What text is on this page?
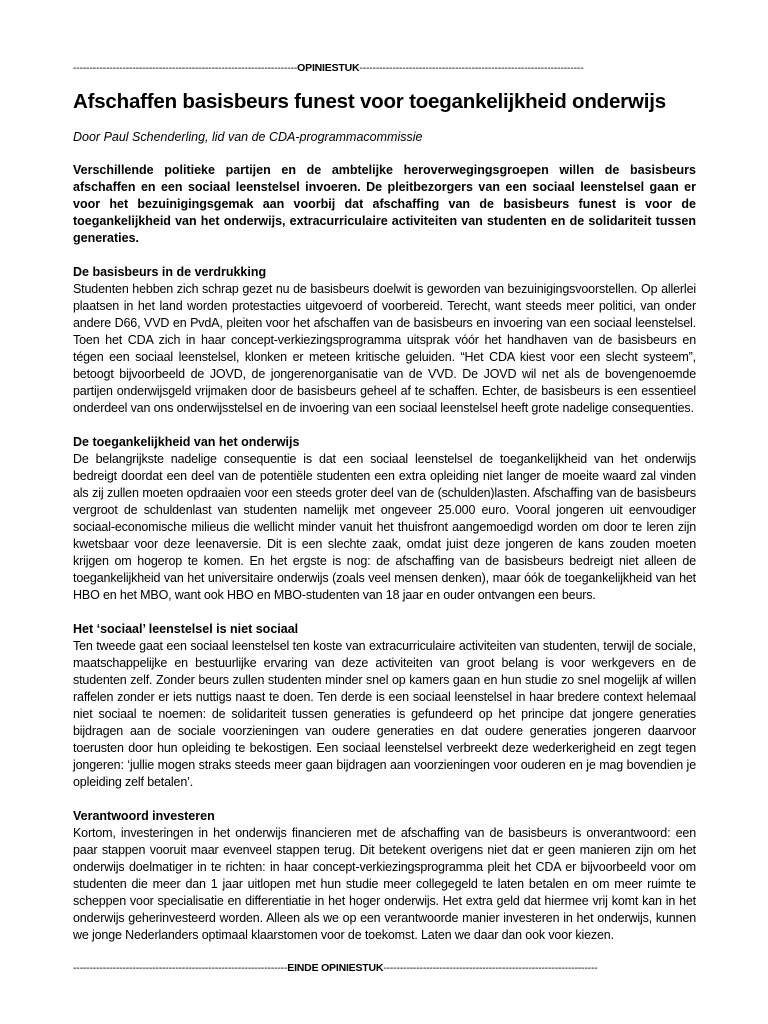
--------------------------------------------------------------------OPINIESTUK--------------------------------------------------------------------
Afschaffen basisbeurs funest voor toegankelijkheid onderwijs
Door Paul Schenderling, lid van de CDA-programmacommissie
Verschillende politieke partijen en de ambtelijke heroverwegingsgroepen willen de basisbeurs afschaffen en een sociaal leenstelsel invoeren. De pleitbezorgers van een sociaal leenstelsel gaan er voor het bezuinigingsgemak aan voorbij dat afschaffing van de basisbeurs funest is voor de toegankelijkheid van het onderwijs, extracurriculaire activiteiten van studenten en de solidariteit tussen generaties.
De basisbeurs in de verdrukking

Studenten hebben zich schrap gezet nu de basisbeurs doelwit is geworden van bezuinigingsvoorstellen. Op allerlei plaatsen in het land worden protestacties uitgevoerd of voorbereid. Terecht, want steeds meer politici, van onder andere D66, VVD en PvdA, pleiten voor het afschaffen van de basisbeurs en invoering van een sociaal leenstelsel. Toen het CDA zich in haar concept-verkiezingsprogramma uitsprak vóór het handhaven van de basisbeurs en tégen een sociaal leenstelsel, klonken er meteen kritische geluiden. “Het CDA kiest voor een slecht systeem”, betoogt bijvoorbeeld de JOVD, de jongerenorganisatie van de VVD. De JOVD wil net als de bovengenoemde partijen onderwijsgeld vrijmaken door de basisbeurs geheel af te schaffen. Echter, de basisbeurs is een essentieel onderdeel van ons onderwijsstelsel en de invoering van een sociaal leenstelsel heeft grote nadelige consequenties.

De toegankelijkheid van het onderwijs

De belangrijkste nadelige consequentie is dat een sociaal leenstelsel de toegankelijkheid van het onderwijs bedreigt doordat een deel van de potentiële studenten een extra opleiding niet langer de moeite waard zal vinden als zij zullen moeten opdraaien voor een steeds groter deel van de (schulden)lasten. Afschaffing van de basisbeurs vergroot de schuldenlast van studenten namelijk met ongeveer 25.000 euro. Vooral jongeren uit eenvoudiger sociaal-economische milieus die wellicht minder vanuit het thuisfront aangemoedigd worden om door te leren zijn kwetsbaar voor deze leenaversie. Dit is een slechte zaak, omdat juist deze jongeren de kans zouden moeten krijgen om hogerop te komen. En het ergste is nog: de afschaffing van de basisbeurs bedreigt niet alleen de toegankelijkheid van het universitaire onderwijs (zoals veel mensen denken), maar óók de toegankelijkheid van het HBO en het MBO, want ook HBO en MBO-studenten van 18 jaar en ouder ontvangen een beurs.

Het ‘sociaal’ leenstelsel is niet sociaal

Ten tweede gaat een sociaal leenstelsel ten koste van extracurriculaire activiteiten van studenten, terwijl de sociale, maatschappelijke en bestuurlijke ervaring van deze activiteiten van groot belang is voor werkgevers en de studenten zelf. Zonder beurs zullen studenten minder snel op kamers gaan en hun studie zo snel mogelijk af willen raffelen zonder er iets nuttigs naast te doen. Ten derde is een sociaal leenstelsel in haar bredere context helemaal niet sociaal te noemen: de solidariteit tussen generaties is gefundeerd op het principe dat jongere generaties bijdragen aan de sociale voorzieningen van oudere generaties en dat oudere generaties jongeren daarvoor toerusten door hun opleiding te bekostigen. Een sociaal leenstelsel verbreekt deze wederkerigheid en zegt tegen jongeren: ‘jullie mogen straks steeds meer gaan bijdragen aan voorzieningen voor ouderen en je mag bovendien je opleiding zelf betalen’.

Verantwoord investeren

Kortom, investeringen in het onderwijs financieren met de afschaffing van de basisbeurs is onverantwoord: een paar stappen vooruit maar evenveel stappen terug. Dit betekent overigens niet dat er geen manieren zijn om het onderwijs doelmatiger in te richten: in haar concept-verkiezingsprogramma pleit het CDA er bijvoorbeeld voor om studenten die meer dan 1 jaar uitlopen met hun studie meer collegegeld te laten betalen en om meer ruimte te scheppen voor specialisatie en differentiatie in het hoger onderwijs. Het extra geld dat hiermee vrij komt kan in het onderwijs geherinvesteerd worden. Alleen als we op een verantwoorde manier investeren in het onderwijs, kunnen we jonge Nederlanders optimaal klaarstomen voor de toekomst. Laten we daar dan ook voor kiezen.

-----------------------------------------------------------------EINDE OPINIESTUK-----------------------------------------------------------------
